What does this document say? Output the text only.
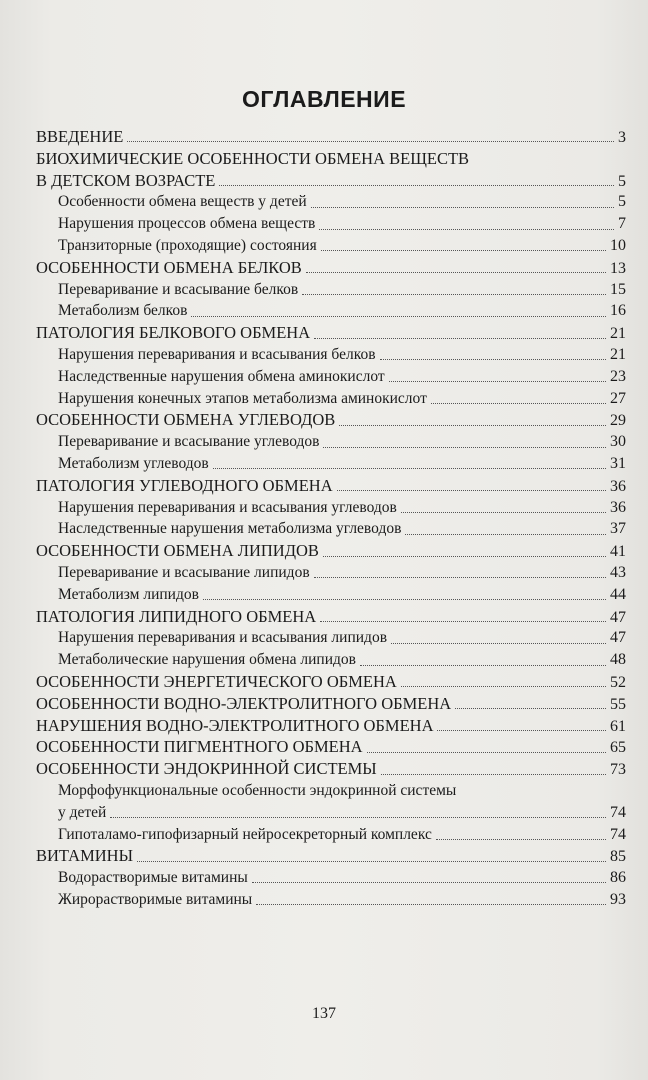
ОГЛАВЛЕНИЕ
ВВЕДЕНИЕ	3
БИОХИМИЧЕСКИЕ ОСОБЕННОСТИ ОБМЕНА ВЕЩЕСТВ
В ДЕТСКОМ ВОЗРАСТЕ	5
Особенности обмена веществ у детей	5
Нарушения процессов обмена веществ	7
Транзиторные (проходящие) состояния	10
ОСОБЕННОСТИ ОБМЕНА БЕЛКОВ	13
Переваривание и всасывание белков	15
Метаболизм белков	16
ПАТОЛОГИЯ БЕЛКОВОГО ОБМЕНА	21
Нарушения переваривания и всасывания белков	21
Наследственные нарушения обмена аминокислот	23
Нарушения конечных этапов метаболизма аминокислот	27
ОСОБЕННОСТИ ОБМЕНА УГЛЕВОДОВ	29
Переваривание и всасывание углеводов	30
Метаболизм углеводов	31
ПАТОЛОГИЯ УГЛЕВОДНОГО ОБМЕНА	36
Нарушения переваривания и всасывания углеводов	36
Наследственные нарушения метаболизма углеводов	37
ОСОБЕННОСТИ ОБМЕНА ЛИПИДОВ	41
Переваривание и всасывание липидов	43
Метаболизм липидов	44
ПАТОЛОГИЯ ЛИПИДНОГО ОБМЕНА	47
Нарушения переваривания и всасывания липидов	47
Метаболические нарушения обмена липидов	48
ОСОБЕННОСТИ ЭНЕРГЕТИЧЕСКОГО ОБМЕНА	52
ОСОБЕННОСТИ ВОДНО-ЭЛЕКТРОЛИТНОГО ОБМЕНА	55
НАРУШЕНИЯ ВОДНО-ЭЛЕКТРОЛИТНОГО ОБМЕНА	61
ОСОБЕННОСТИ ПИГМЕНТНОГО ОБМЕНА	65
ОСОБЕННОСТИ ЭНДОКРИННОЙ СИСТЕМЫ	73
Морфофункциональные особенности эндокринной системы
у детей	74
Гипоталамо-гипофизарный нейросекреторный комплекс	74
ВИТАМИНЫ	85
Водорастворимые витамины	86
Жирорастворимые витамины	93
137
